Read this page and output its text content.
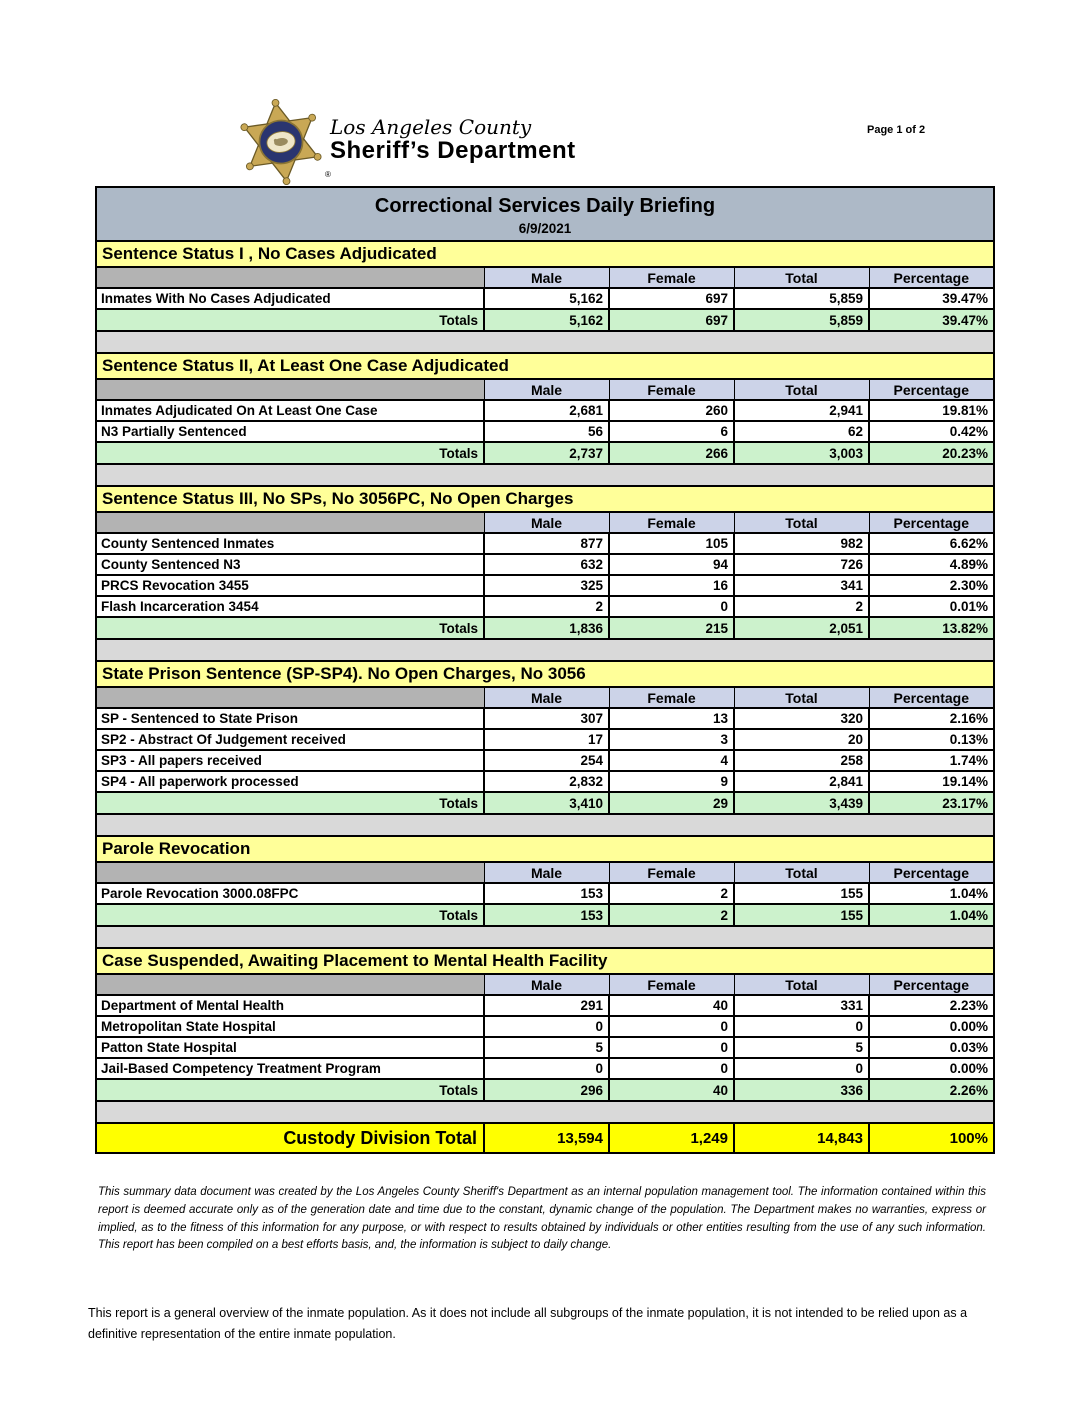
®
Los Angeles County
Sheriff’s Department
Page 1 of 2
Correctional Services Daily Briefing
6/9/2021				

Sentence Status I , No Cases Adjudicated				
	Male	Female	Total	Percentage
Inmates With No Cases Adjudicated	5,162	697	5,859	39.47%
Totals	5,162	697	5,859	39.47%

Sentence Status II, At Least One Case Adjudicated				
	Male	Female	Total	Percentage
Inmates Adjudicated On At Least One Case	2,681	260	2,941	19.81%
N3 Partially Sentenced	56	6	62	0.42%
Totals	2,737	266	3,003	20.23%

Sentence Status III, No SPs, No 3056PC, No Open Charges				
	Male	Female	Total	Percentage
County Sentenced Inmates	877	105	982	6.62%
County Sentenced N3	632	94	726	4.89%
PRCS Revocation 3455	325	16	341	2.30%
Flash Incarceration 3454	2	0	2	0.01%
Totals	1,836	215	2,051	13.82%

State Prison Sentence (SP-SP4). No Open Charges, No 3056				
	Male	Female	Total	Percentage
SP - Sentenced to State Prison	307	13	320	2.16%
SP2 - Abstract Of Judgement received	17	3	20	0.13%
SP3 - All papers received	254	4	258	1.74%
SP4 - All paperwork processed	2,832	9	2,841	19.14%
Totals	3,410	29	3,439	23.17%

Parole Revocation				
	Male	Female	Total	Percentage
Parole Revocation 3000.08FPC	153	2	155	1.04%
Totals	153	2	155	1.04%

Case Suspended, Awaiting Placement to Mental Health Facility				
	Male	Female	Total	Percentage
Department of Mental Health	291	40	331	2.23%
Metropolitan State Hospital	0	0	0	0.00%
Patton State Hospital	5	0	5	0.03%
Jail-Based Competency Treatment Program	0	0	0	0.00%
Totals	296	40	336	2.26%

Custody Division Total	13,594	1,249	14,843	100%

This summary data document was created by the Los Angeles County Sheriff's Department as an internal population management tool. The information contained within this report is deemed accurate only as of the generation date and time due to the constant, dynamic change of the population. The Department makes no warranties, express or implied, as to the fitness of this information for any purpose, or with respect to results obtained by individuals or other entities resulting from the use of any such information. This report has been compiled on a best efforts basis, and, the information is subject to daily change.

This report is a general overview of the inmate population. As it does not include all subgroups of the inmate population, it is not intended to be relied upon as a definitive representation of the entire inmate population.
